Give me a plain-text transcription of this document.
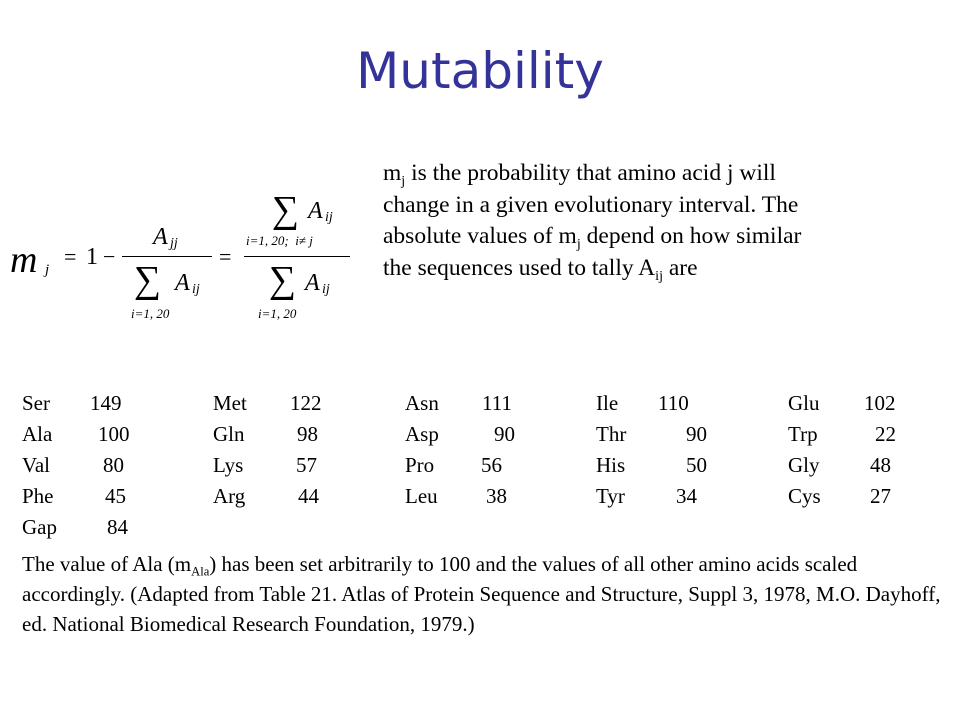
Mutability
m j
= 1 −
A jj
∑ A ij
i=1, 20
=
∑ A ij
i=1, 20;  i≠ j
∑ A ij
i=1, 20
$m_j$ is the probability that amino acid j will
change in a given evolutionary interval. The
absolute values of $m_j$ depend on how similar
the sequences used to tally $A_{ij}$ are
Ser 149	Met 122	Asn 111	Ile 110	Glu 102
Ala 100	Gln	98	Asp	90	Thr	90	Trp	22
Val	80	Lys	57	Pro 56	His	50	Gly 48
Phe 45	Arg	44	Leu 38	Tyr 34	Cys 27
Gap 84
The value of Ala $(m_{Ala})$ has been set arbitrarily to 100 and the values of all other amino acids scaled accordingly. (Adapted from Table 21. Atlas of Protein Sequence and Structure, Suppl 3, 1978, M.O. Dayhoff, ed. National Biomedical Research Foundation, 1979.)
